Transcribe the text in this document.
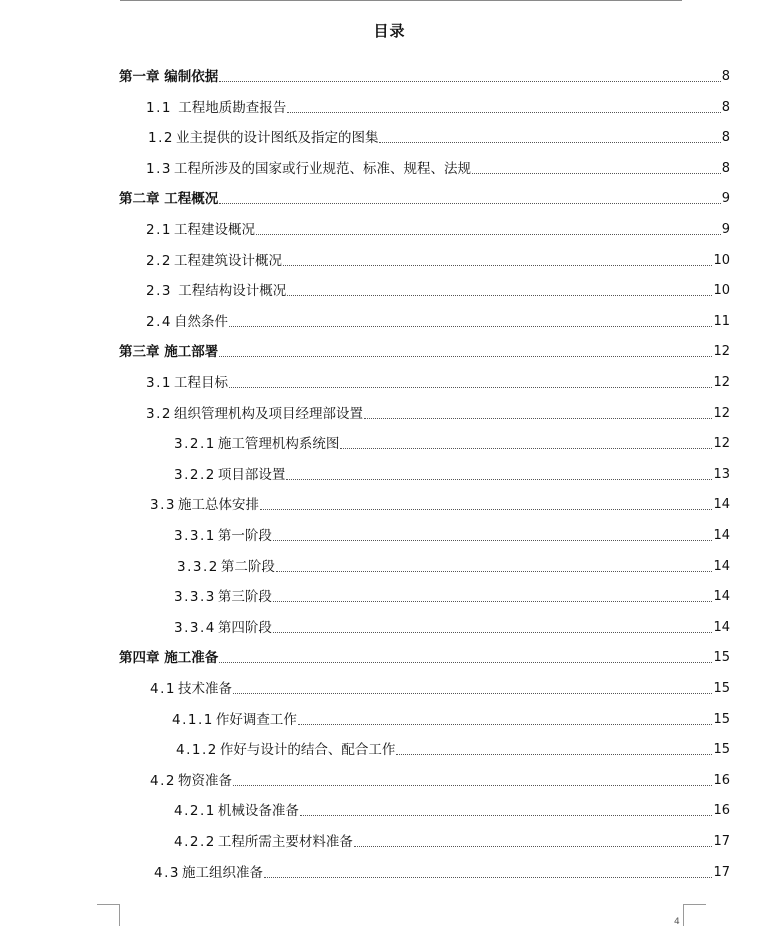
目录
第一章 编制依据	8
1.1 工程地质勘查报告	8
1.2 业主提供的设计图纸及指定的图集	8
1.3 工程所涉及的国家或行业规范、标准、规程、法规	8
第二章 工程概况	9
2.1 工程建设概况	9
2.2 工程建筑设计概况	10
2.3 工程结构设计概况	10
2.4 自然条件	11
第三章 施工部署	12
3.1 工程目标	12
3.2 组织管理机构及项目经理部设置	12
3.2.1 施工管理机构系统图	12
3.2.2 项目部设置	13
3.3 施工总体安排	14
3.3.1 第一阶段	14
3.3.2 第二阶段	14
3.3.3 第三阶段	14
3.3.4 第四阶段	14
第四章 施工准备	15
4.1 技术准备	15
4.1.1 作好调查工作	15
4.1.2 作好与设计的结合、配合工作	15
4.2 物资准备	16
4.2.1 机械设备准备	16
4.2.2 工程所需主要材料准备	17
4.3 施工组织准备	17
4
